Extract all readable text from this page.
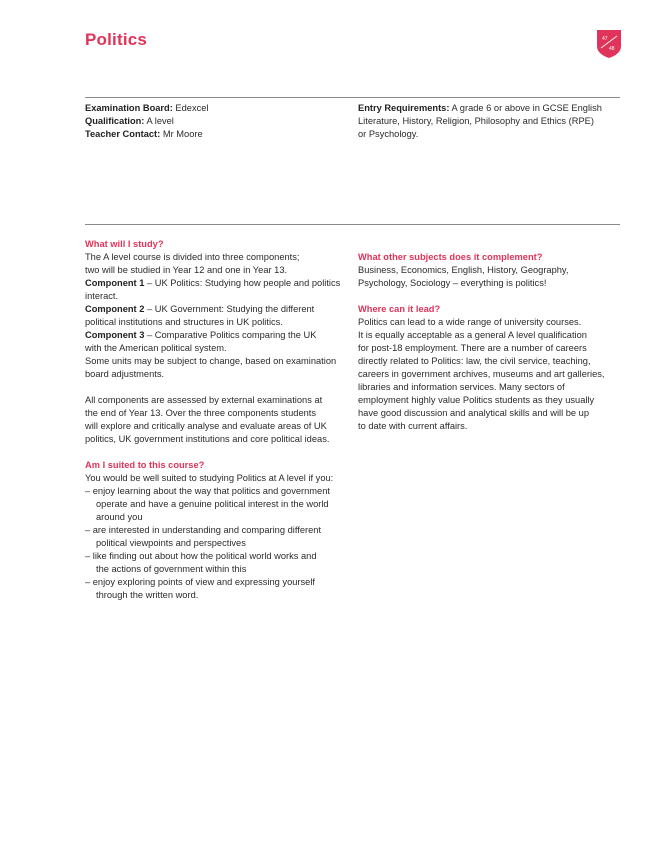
Politics	47
48

Examination Board: Edexcel

Qualification: A level

Teacher Contact: Mr Moore

Entry Requirements: A grade 6 or above in GCSE English

Literature, History, Religion, Philosophy and Ethics (RPE)

or Psychology.

What will I study?

The A level course is divided into three components;

two will be studied in Year 12 and one in Year 13.

Component 1 – UK Politics: Studying how people and politics

interact.

Component 2 – UK Government: Studying the different

political institutions and structures in UK politics.

Component 3 – Comparative Politics comparing the UK

with the American political system.

Some units may be subject to change, based on examination

board adjustments.

All components are assessed by external examinations at

the end of Year 13. Over the three components students

will explore and critically analyse and evaluate areas of UK

politics, UK government institutions and core political ideas.

Am I suited to this course?

You would be well suited to studying Politics at A level if you:

– enjoy learning about the way that politics and government

operate and have a genuine political interest in the world

around you

– are interested in understanding and comparing different

political viewpoints and perspectives

– like finding out about how the political world works and

the actions of government within this

– enjoy exploring points of view and expressing yourself

through the written word.

What other subjects does it complement?

Business, Economics, English, History, Geography,

Psychology, Sociology – everything is politics!

Where can it lead?

Politics can lead to a wide range of university courses.

It is equally acceptable as a general A level qualification

for post-18 employment. There are a number of careers

directly related to Politics: law, the civil service, teaching,

careers in government archives, museums and art galleries,

libraries and information services. Many sectors of

employment highly value Politics students as they usually

have good discussion and analytical skills and will be up

to date with current affairs.
